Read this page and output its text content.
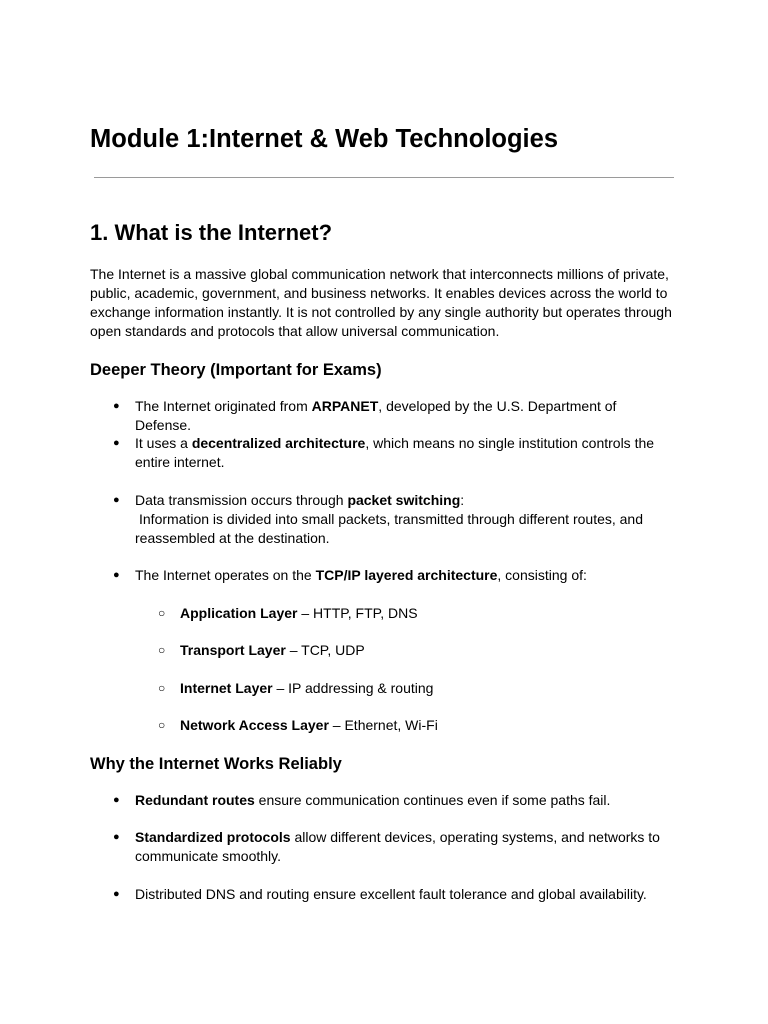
Module 1:Internet & Web Technologies
1. What is the Internet?

The Internet is a massive global communication network that interconnects millions of private, public, academic, government, and business networks. It enables devices across the world to exchange information instantly. It is not controlled by any single authority but operates through open standards and protocols that allow universal communication.

Deeper Theory (Important for Exams)
● The Internet originated from ARPANET, developed by the U.S. Department of Defense.
● It uses a decentralized architecture, which means no single institution controls the entire internet.
● Data transmission occurs through packet switching:
Information is divided into small packets, transmitted through different routes, and reassembled at the destination.
● The Internet operates on the TCP/IP layered architecture, consisting of:
○ Application Layer – HTTP, FTP, DNS
○ Transport Layer – TCP, UDP
○ Internet Layer – IP addressing & routing
○ Network Access Layer – Ethernet, Wi-Fi
Why the Internet Works Reliably
● Redundant routes ensure communication continues even if some paths fail.
● Standardized protocols allow different devices, operating systems, and networks to communicate smoothly.
● Distributed DNS and routing ensure excellent fault tolerance and global availability.
